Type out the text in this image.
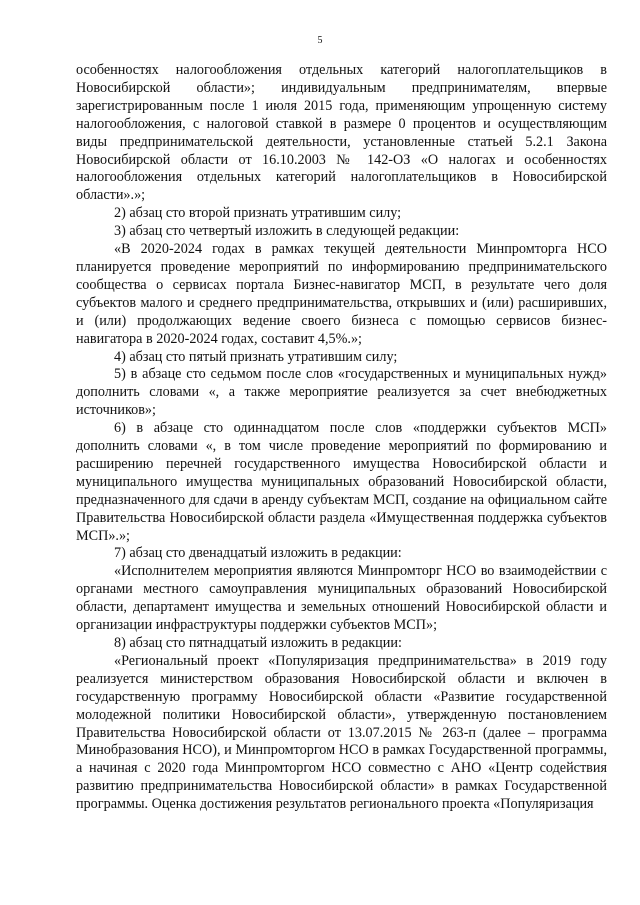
5

особенностях налогообложения отдельных категорий налогоплательщиков в Новосибирской области»; индивидуальным предпринимателям, впервые зарегистрированным после 1 июля 2015 года, применяющим упрощенную систему налогообложения, с налоговой ставкой в размере 0 процентов и осуществляющим виды предпринимательской деятельности, установленные статьей 5.2.1 Закона Новосибирской области от 16.10.2003 № 142-ОЗ «О налогах и особенностях налогообложения отдельных категорий налогоплательщиков в Новосибирской области».»;

2) абзац сто второй признать утратившим силу;

3) абзац сто четвертый изложить в следующей редакции:

«В 2020-2024 годах в рамках текущей деятельности Минпромторга НСО планируется проведение мероприятий по информированию предпринимательского сообщества о сервисах портала Бизнес-навигатор МСП, в результате чего доля субъектов малого и среднего предпринимательства, открывших и (или) расширивших, и (или) продолжающих ведение своего бизнеса с помощью сервисов бизнес-навигатора в 2020-2024 годах, составит 4,5%.»;

4) абзац сто пятый признать утратившим силу;

5) в абзаце сто седьмом после слов «государственных и муниципальных нужд» дополнить словами «, а также мероприятие реализуется за счет внебюджетных источников»;

6) в абзаце сто одиннадцатом после слов «поддержки субъектов МСП» дополнить словами «, в том числе проведение мероприятий по формированию и расширению перечней государственного имущества Новосибирской области и муниципального имущества муниципальных образований Новосибирской области, предназначенного для сдачи в аренду субъектам МСП, создание на официальном сайте Правительства Новосибирской области раздела «Имущественная поддержка субъектов МСП».»;

7) абзац сто двенадцатый изложить в редакции:

«Исполнителем мероприятия являются Минпромторг НСО во взаимодействии с органами местного самоуправления муниципальных образований Новосибирской области, департамент имущества и земельных отношений Новосибирской области и организации инфраструктуры поддержки субъектов МСП»;

8) абзац сто пятнадцатый изложить в редакции:

«Региональный проект «Популяризация предпринимательства» в 2019 году реализуется министерством образования Новосибирской области и включен в государственную программу Новосибирской области «Развитие государственной молодежной политики Новосибирской области», утвержденную постановлением Правительства Новосибирской области от 13.07.2015 № 263-п (далее – программа Минобразования НСО), и Минпромторгом НСО в рамках Государственной программы, а начиная с 2020 года Минпромторгом НСО совместно с АНО «Центр содействия развитию предпринимательства Новосибирской области» в рамках Государственной программы. Оценка достижения результатов регионального проекта «Популяризация
